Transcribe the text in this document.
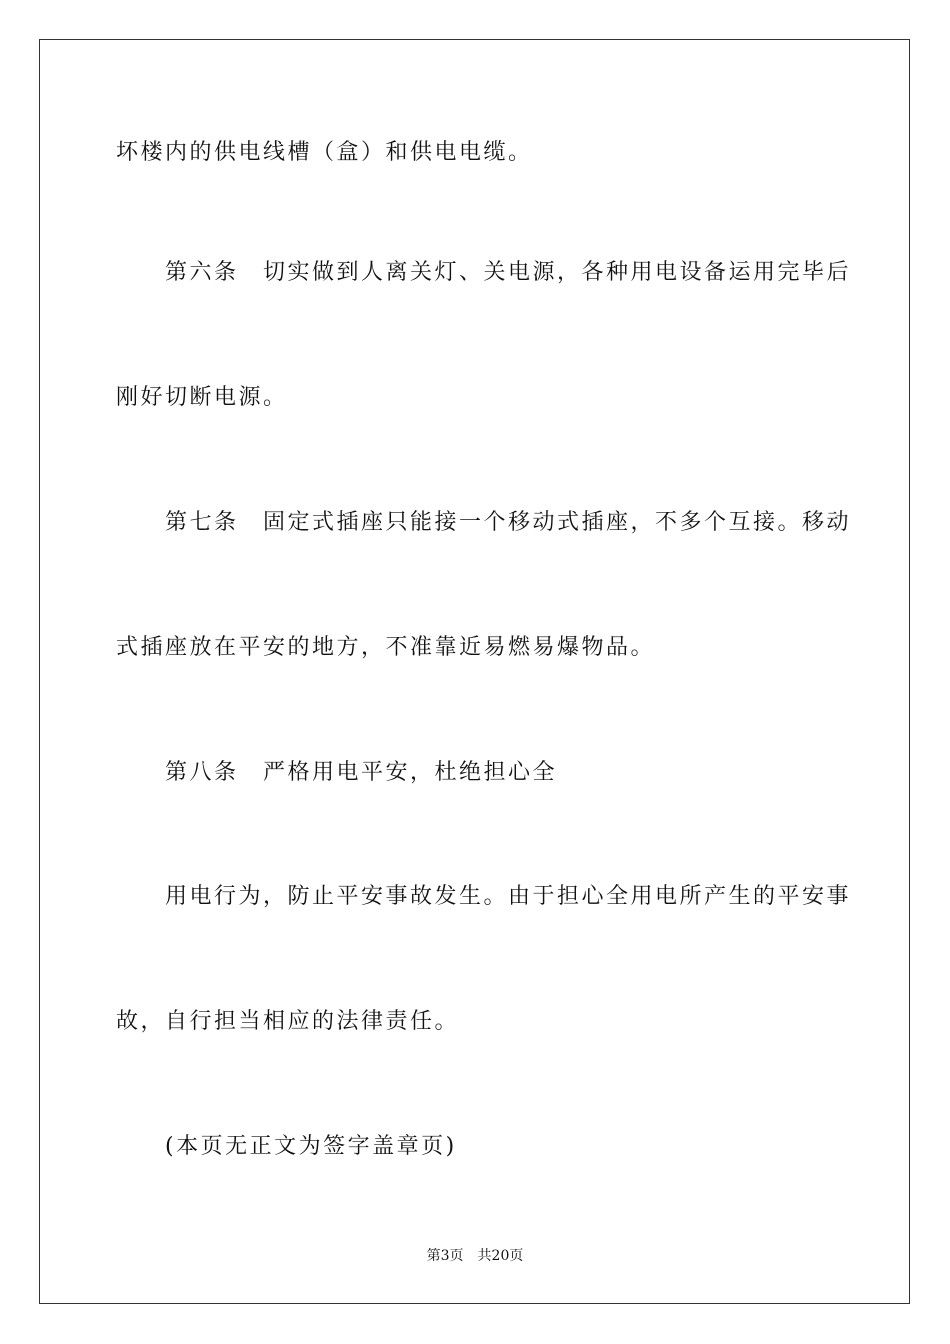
坏楼内的供电线槽（盒）和供电电缆。
第六条　切实做到人离关灯、关电源，各种用电设备运用完毕后
刚好切断电源。
第七条　固定式插座只能接一个移动式插座，不多个互接。移动
式插座放在平安的地方，不准靠近易燃易爆物品。
第八条　严格用电平安，杜绝担心全
用电行为，防止平安事故发生。由于担心全用电所产生的平安事
故，自行担当相应的法律责任。
(本页无正文为签字盖章页)
第3页　共20页
